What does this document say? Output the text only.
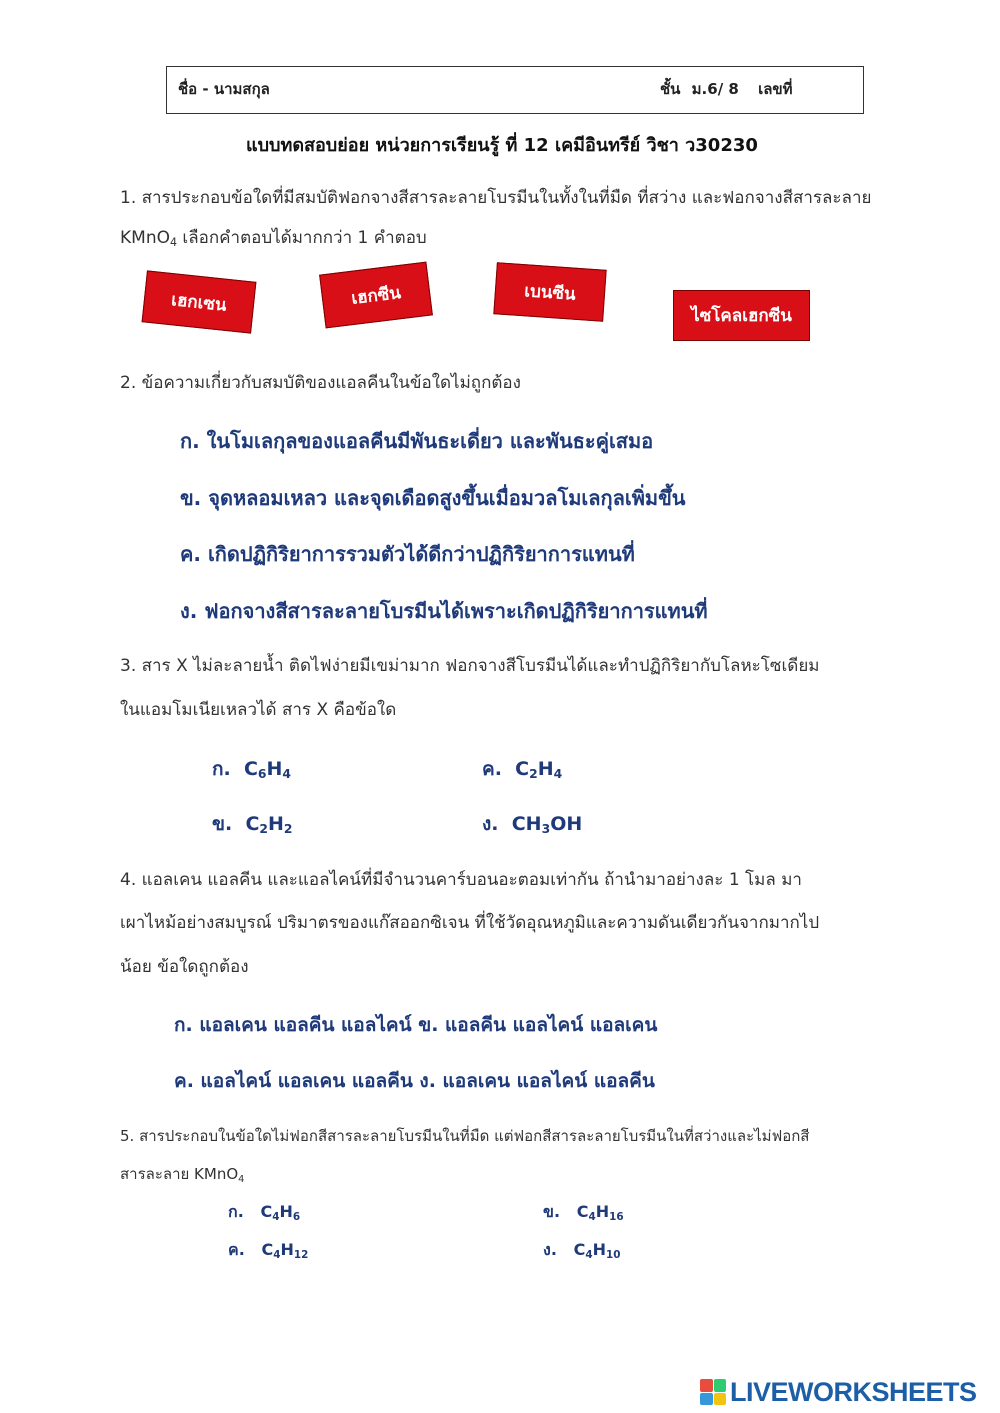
ชื่อ - นามสกุล	ชั้น ม.6/ 8 เลขที่
แบบทดสอบย่อย หน่วยการเรียนรู้ ที่ 12 เคมีอินทรีย์ วิชา ว30230
1. สารประกอบข้อใดที่มีสมบัติฟอกจางสีสารละลายโบรมีนในทั้งในที่มืด ที่สว่าง และฟอกจางสีสารละลาย
KMnO$_4$ เลือกคำตอบได้มากกว่า 1 คำตอบ
เฮกเซน	เฮกซีน	เบนซีน
ไซโคลเฮกซีน
2. ข้อความเกี่ยวกับสมบัติของแอลคีนในข้อใดไม่ถูกต้อง
ก. ในโมเลกุลของแอลคีนมีพันธะเดี่ยว และพันธะคู่เสมอ
ข. จุดหลอมเหลว และจุดเดือดสูงขึ้นเมื่อมวลโมเลกุลเพิ่มขึ้น
ค. เกิดปฏิกิริยาการรวมตัวได้ดีกว่าปฏิกิริยาการแทนที่
ง. ฟอกจางสีสารละลายโบรมีนได้เพราะเกิดปฏิกิริยาการแทนที่
3. สาร X ไม่ละลายน้ำ ติดไฟง่ายมีเขม่ามาก ฟอกจางสีโบรมีนได้และทำปฏิกิริยากับโลหะโซเดียม
ในแอมโมเนียเหลวได้ สาร X คือข้อใด
ก. $C_6H_4$	ค. $C_2H_4$
ข. $C_2H_2$	ง. $CH_3OH$
4. แอลเคน แอลคีน และแอลไคน์ที่มีจำนวนคาร์บอนอะตอมเท่ากัน ถ้านำมาอย่างละ 1 โมล มา
เผาไหม้อย่างสมบูรณ์ ปริมาตรของแก๊สออกซิเจน ที่ใช้วัดอุณหภูมิและความดันเดียวกันจากมากไป
น้อย ข้อใดถูกต้อง
ก. แอลเคน แอลคีน แอลไคน์ ข. แอลคีน แอลไคน์ แอลเคน
ค. แอลไคน์ แอลเคน แอลคีน ง. แอลเคน แอลไคน์ แอลคีน
5. สารประกอบในข้อใดไม่ฟอกสีสารละลายโบรมีนในที่มืด แต่ฟอกสีสารละลายโบรมีนในที่สว่างและไม่ฟอกสี
สารละลาย KMnO$_4$
ก. $C_4H_6$	ข. $C_4H_{16}$
ค. $C_4H_{12}$	ง. $C_4H_{10}$
LIVEWORKSHEETS
